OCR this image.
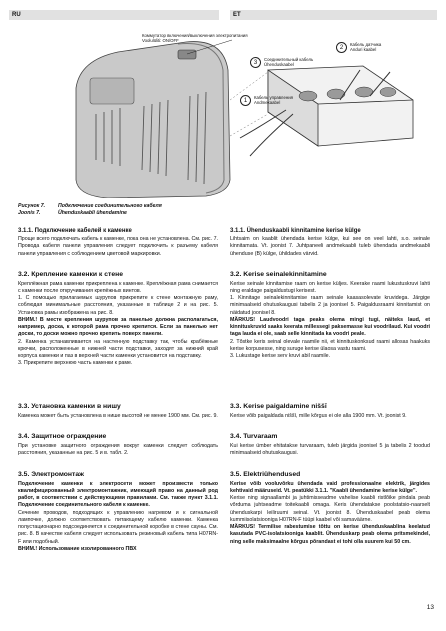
RU	ET
Коммутатор включения/выключения электропитания
Voolulüliti: ON/OFF
2
Кабель датчика
Anduri kaabel
3
Соединительный кабель
Ühenduskaabel
1
Кабель управления
Andmekaabel
Рисунок 7. Подключение соединительного кабеля
Joonis 7.	Ühenduskaabli ühendamine
3.1.1. Подключение кабелей к каменке

Проще всего подключать кабель к каменке, пока она не установлена. См. рис. 7. Провода кабеля панели управления следует подключить к разъему кабеля панели управления с соблюдением цветовой маркировки.

3.2. Крепление каменки к стене

Креплёжная рама каменки прикреплена к каменке. Креплёжная рама снимается с каменки после откручивания крепёжных винтов.

1. С помощью прилагаемых шурупов прикрепите к стене монтажную раму, соблюдая минимальные расстояния, указанные в таблице 2 и на рис. 5. Установка рамы изображена на рис. 8.

ВНИМ.! В месте крепления шурупов за панелью должна располагаться, например, доска, к которой рама прочно крепится. Если за панелью нет доски, то доски можно прочно крепить поверх панели.

2. Каменка устанавливается на настенную подставку так, чтобы крабёжные крючки, расположенные в нижней части подставки, заходят за нижний край корпуса каменки и паз в верхней части каменки установится на подставку.

3. Прикрепите верхнюю часть каменки к раме.

3.3. Установка каменки в нишу

Каменка может быть установлена в нише высотой не менее 1900 мм. См. рис. 9.

3.4. Защитное ограждение

При установке защитного ограждения вокруг каменки следует соблюдать расстояния, указанные на рис. 5 и в. табл. 2.

3.5. Электромонтаж

Подключение каменки к электросети может произвести только квалифицированный электромонтажник, имеющий право на данный род работ, в соответствии с действующими правилами. См. также пункт 3.1.1. Подключение соединительного кабеля к каменке.

Сечение проводов, подходящих к управлению нагревом и к сигнальной лампочке, должно соответствовать питающему кабелю каменки. Каменка полустационарно подсоединяется к соединительной коробке в стене сауны. См. рис. 8. В качестве кабеля следует использовать резиновый кабель типа H07RN-F или подобный.

ВНИМ.! Использование изолированного ПВХ

3.1.1. Ühenduskaabli kinnitamine kerise külge

Lihtsaim on kaablit ühendada kerise külge, kui see on veel lahti, s.o. seinale kinnitamata. Vt. joonist 7. Juhtpaneeli andmekaabli tuleb ühendada andmekaabli ühenduse (B) külge, ühildades värvid.

3.2. Kerise seinalekinnitamine

Kerise seinale kinnitamise raam on kerise küljes. Keerake raami lukustuskruvi lahti ning eraldage paigaldustugi kerisest.

1. Kinnitage seinalekinnitamise raam seinale kaasasolevate kruvidega. Järgige minimaalseid ohutuskaugusi tabelis 2 ja joonisel 5. Paigaldusraami kinnitamist on näidatud joonisel 8.

MÄRKUS! Laudvoodri taga peaks olema mingi tugi, näiteks laud, et kinnituskruvid saaks keerata millessegi paksemasse kui voodrilaud. Kui voodri taga lauda ei ole, saab selle kinnitada ka voodri peale.

2. Tõstke keris seinal olevale raamile nii, et kinnituskonksud raami allosas haakuks kerise korpusesse, ning suruge kerise ülaosa vastu raami.

3. Lukustage kerise serv kruvi abil raamile.

3.3. Kerise paigaldamine niššī

Kerise võib paigaldada niššī, mille kõrgus ei ole alla 1900 mm. Vt. joonist 9.

3.4. Turvaraam

Kui kerise ümber ehitatakse turvaraam, tuleb järgida joonisel 5 ja tabelis 2 toodud minimaalseid ohutuskaugusi.

3.5. Elektriühendused

Kerise võib vooluvõrku ühendada vaid professionaalne elektrik, järgides kehtivaid määruseid. Vt. peatükki 3.1.1. "Kaabli ühendamine kerise külge".

Kerise ning signaallambi ja juhtimisseadme vahelise kaabli ristlõike pindala peab võrduma juhtseadme toitekaabli omaga. Keris ühendatakse poolstatsio-naarselt ühenduskarpi leiliruumi seinal. Vt. joonist 8. Ühenduskaabel peab olema kummiisolatsiooniga H07RN-F tüüpi kaabel või samaväärne.

MÄRKUS! Termilise rabestumise tõttu on kerise ühenduskaablina keelatud kasutada PVC-isolatsiooniga kaablit. Ühenduskarp peab olema pritsmekindel, ning selle maksimaalne kõrgus põrandast ei tohi olla suurem kui 50 cm.

13
